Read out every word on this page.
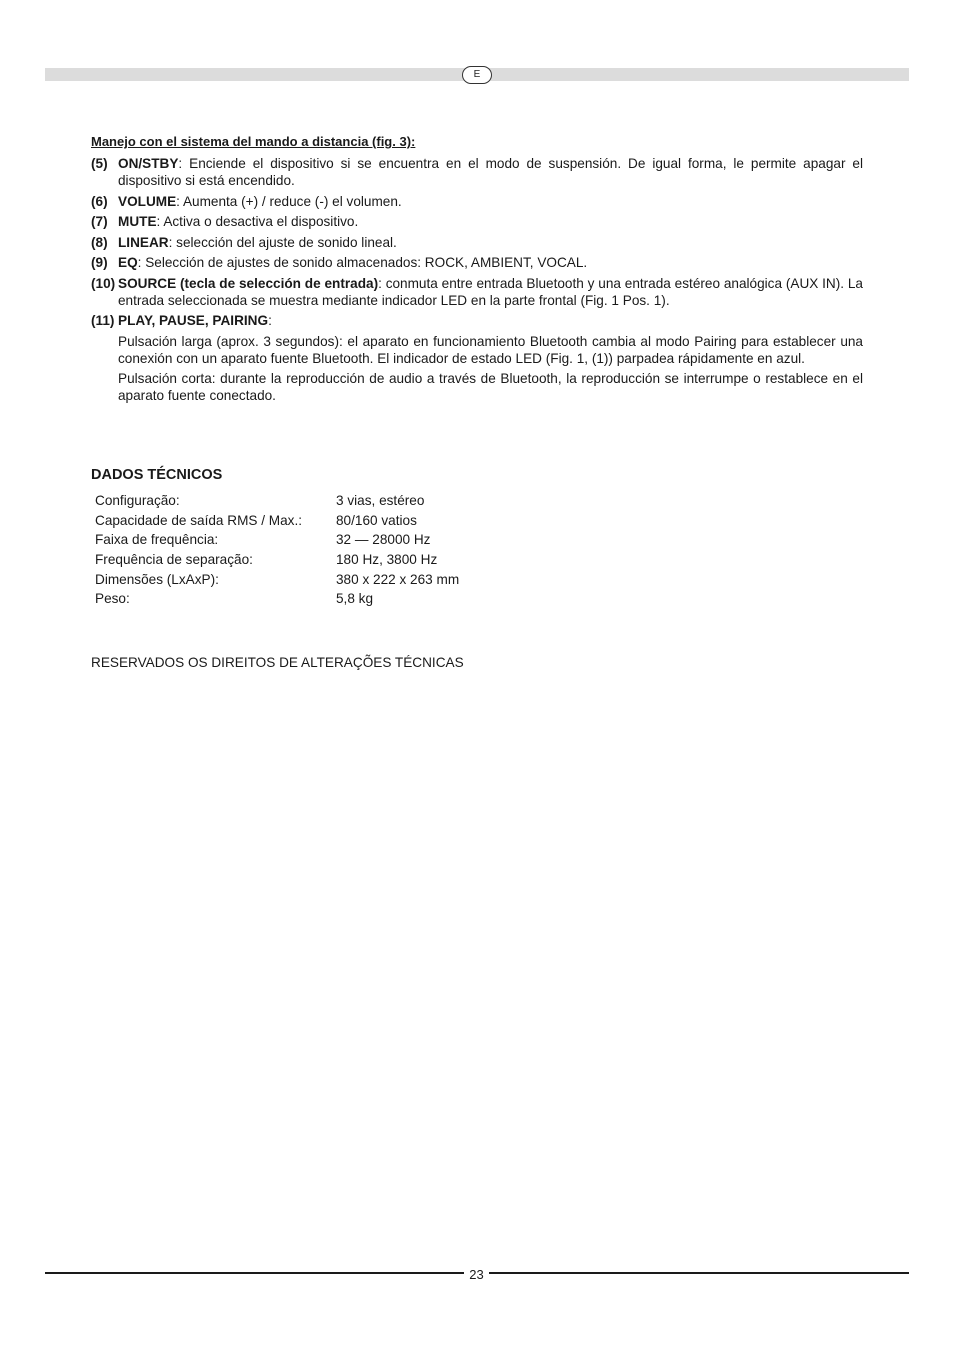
E
Manejo con el sistema del mando a distancia (fig. 3):
(5) ON/STBY: Enciende el dispositivo si se encuentra en el modo de suspensión. De igual forma, le permite apagar el dispositivo si está encendido.
(6) VOLUME: Aumenta (+) / reduce (-) el volumen.
(7) MUTE: Activa o desactiva el dispositivo.
(8) LINEAR: selección del ajuste de sonido lineal.
(9) EQ: Selección de ajustes de sonido almacenados: ROCK, AMBIENT, VOCAL.
(10) SOURCE (tecla de selección de entrada): conmuta entre entrada Bluetooth y una entrada estéreo analógica (AUX IN). La entrada seleccionada se muestra mediante indicador LED en la parte frontal (Fig. 1 Pos. 1).
(11) PLAY, PAUSE, PAIRING:
Pulsación larga (aprox. 3 segundos): el aparato en funcionamiento Bluetooth cambia al modo Pairing para establecer una conexión con un aparato fuente Bluetooth. El indicador de estado LED (Fig. 1, (1)) parpadea rápidamente en azul.
Pulsación corta: durante la reproducción de audio a través de Bluetooth, la reproducción se interrumpe o restablece en el aparato fuente conectado.
DADOS TÉCNICOS
Configuração:	3 vias, estéreo
Capacidade de saída RMS / Max.:	80/160 vatios
Faixa de frequência:	32 — 28000 Hz
Frequência de separação:	180 Hz, 3800 Hz
Dimensões (LxAxP):	380 x 222 x 263 mm
Peso:	5,8 kg
RESERVADOS OS DIREITOS DE ALTERAÇÕES TÉCNICAS
23
